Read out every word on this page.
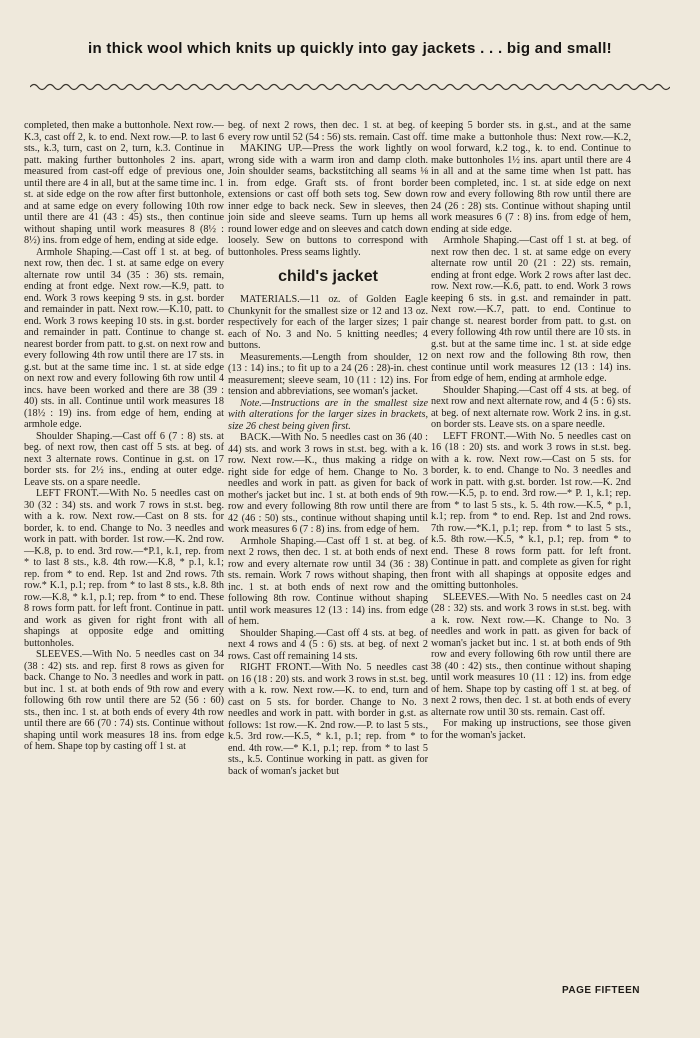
in thick wool which knits up quickly into gay jackets . . . big and small!

completed, then make a buttonhole. Next row.—K.3, cast off 2, k. to end. Next row.—P. to last 6 sts., k.3, turn, cast on 2, turn, k.3. Continue in patt. making further buttonholes 2 ins. apart, measured from cast-off edge of previous one, until there are 4 in all, but at the same time inc. 1 st. at side edge on the row after first buttonhole, and at same edge on every following 10th row until there are 41 (43 : 45) sts., then continue without shaping until work measures 8 (8½ : 8½) ins. from edge of hem, ending at side edge.

Armhole Shaping.—Cast off 1 st. at beg. of next row, then dec. 1 st. at same edge on every alternate row until 34 (35 : 36) sts. remain, ending at front edge. Next row.—K.9, patt. to end. Work 3 rows keeping 9 sts. in g.st. border and remainder in patt. Next row.—K.10, patt. to end. Work 3 rows keeping 10 sts. in g.st. border and remainder in patt. Continue to change st. nearest border from patt. to g.st. on next row and every following 4th row until there are 17 sts. in g.st. but at the same time inc. 1 st. at side edge on next row and every following 6th row until 4 incs. have been worked and there are 38 (39 : 40) sts. in all. Continue until work measures 18 (18½ : 19) ins. from edge of hem, ending at armhole edge.

Shoulder Shaping.—Cast off 6 (7 : 8) sts. at beg. of next row, then cast off 5 sts. at beg. of next 3 alternate rows. Continue in g.st. on 17 border sts. for 2½ ins., ending at outer edge. Leave sts. on a spare needle.

LEFT FRONT.—With No. 5 needles cast on 30 (32 : 34) sts. and work 7 rows in st.st. beg. with a k. row. Next row.—Cast on 8 sts. for border, k. to end. Change to No. 3 needles and work in patt. with border. 1st row.—K. 2nd row.—K.8, p. to end. 3rd row.—*P.1, k.1, rep. from * to last 8 sts., k.8. 4th row.—K.8, * p.1, k.1; rep. from * to end. Rep. 1st and 2nd rows. 7th row.* K.1, p.1; rep. from * to last 8 sts., k.8. 8th row.—K.8, * k.1, p.1; rep. from * to end. These 8 rows form patt. for left front. Continue in patt. and work as given for right front with all shapings at opposite edge and omitting buttonholes.

SLEEVES.—With No. 5 needles cast on 34 (38 : 42) sts. and rep. first 8 rows as given for back. Change to No. 3 needles and work in patt. but inc. 1 st. at both ends of 9th row and every following 6th row until there are 52 (56 : 60) sts., then inc. 1 st. at both ends of every 4th row until there are 66 (70 : 74) sts. Continue without shaping until work measures 18 ins. from edge of hem. Shape top by casting off 1 st. at

beg. of next 2 rows, then dec. 1 st. at beg. of every row until 52 (54 : 56) sts. remain. Cast off.

MAKING UP.—Press the work lightly on wrong side with a warm iron and damp cloth. Join shoulder seams, backstitching all seams ⅛ in. from edge. Graft sts. of front border extensions or cast off both sets tog. Sew down inner edge to back neck. Sew in sleeves, then join side and sleeve seams. Turn up hems all round lower edge and on sleeves and catch down loosely. Sew on buttons to correspond with buttonholes. Press seams lightly.

child's jacket

MATERIALS.—11 oz. of Golden Eagle Chunkynit for the smallest size or 12 and 13 oz. respectively for each of the larger sizes; 1 pair each of No. 3 and No. 5 knitting needles; 4 buttons.

Measurements.—Length from shoulder, 12 (13 : 14) ins.; to fit up to a 24 (26 : 28)-in. chest measurement; sleeve seam, 10 (11 : 12) ins. For tension and abbreviations, see woman's jacket.

Note.—Instructions are in the smallest size with alterations for the larger sizes in brackets, size 26 chest being given first.

BACK.—With No. 5 needles cast on 36 (40 : 44) sts. and work 3 rows in st.st. beg. with a k. row. Next row.—K., thus making a ridge on right side for edge of hem. Change to No. 3 needles and work in patt. as given for back of mother's jacket but inc. 1 st. at both ends of 9th row and every following 8th row until there are 42 (46 : 50) sts., continue without shaping until work measures 6 (7 : 8) ins. from edge of hem.

Armhole Shaping.—Cast off 1 st. at beg. of next 2 rows, then dec. 1 st. at both ends of next row and every alternate row until 34 (36 : 38) sts. remain. Work 7 rows without shaping, then inc. 1 st. at both ends of next row and the following 8th row. Continue without shaping until work measures 12 (13 : 14) ins. from edge of hem.

Shoulder Shaping.—Cast off 4 sts. at beg. of next 4 rows and 4 (5 : 6) sts. at beg. of next 2 rows. Cast off remaining 14 sts.

RIGHT FRONT.—With No. 5 needles cast on 16 (18 : 20) sts. and work 3 rows in st.st. beg. with a k. row. Next row.—K. to end, turn and cast on 5 sts. for border. Change to No. 3 needles and work in patt. with border in g.st. as follows: 1st row.—K. 2nd row.—P. to last 5 sts., k.5. 3rd row.—K.5, * k.1, p.1; rep. from * to end. 4th row.—* K.1, p.1; rep. from * to last 5 sts., k.5. Continue working in patt. as given for back of woman's jacket but

keeping 5 border sts. in g.st., and at the same time make a buttonhole thus: Next row.—K.2, wool forward, k.2 tog., k. to end. Continue to make buttonholes 1½ ins. apart until there are 4 in all and at the same time when 1st patt. has been completed, inc. 1 st. at side edge on next row and every following 8th row until there are 24 (26 : 28) sts. Continue without shaping until work measures 6 (7 : 8) ins. from edge of hem, ending at side edge.

Armhole Shaping.—Cast off 1 st. at beg. of next row then dec. 1 st. at same edge on every alternate row until 20 (21 : 22) sts. remain, ending at front edge. Work 2 rows after last dec. row. Next row.—K.6, patt. to end. Work 3 rows keeping 6 sts. in g.st. and remainder in patt. Next row.—K.7, patt. to end. Continue to change st. nearest border from patt. to g.st. on every following 4th row until there are 10 sts. in g.st. but at the same time inc. 1 st. at side edge on next row and the following 8th row, then continue until work measures 12 (13 : 14) ins. from edge of hem, ending at armhole edge.

Shoulder Shaping.—Cast off 4 sts. at beg. of next row and next alternate row, and 4 (5 : 6) sts. at beg. of next alternate row. Work 2 ins. in g.st. on border sts. Leave sts. on a spare needle.

LEFT FRONT.—With No. 5 needles cast on 16 (18 : 20) sts. and work 3 rows in st.st. beg. with a k. row. Next row.—Cast on 5 sts. for border, k. to end. Change to No. 3 needles and work in patt. with g.st. border. 1st row.—K. 2nd row.—K.5, p. to end. 3rd row.—* P. 1, k.1; rep. from * to last 5 sts., k. 5. 4th row.—K.5, * p.1, k.1; rep. from * to end. Rep. 1st and 2nd rows. 7th row.—*K.1, p.1; rep. from * to last 5 sts., k.5. 8th row.—K.5, * k.1, p.1; rep. from * to end. These 8 rows form patt. for left front. Continue in patt. and complete as given for right front with all shapings at opposite edges and omitting buttonholes.

SLEEVES.—With No. 5 needles cast on 24 (28 : 32) sts. and work 3 rows in st.st. beg. with a k. row. Next row.—K. Change to No. 3 needles and work in patt. as given for back of woman's jacket but inc. 1 st. at both ends of 9th row and every following 6th row until there are 38 (40 : 42) sts., then continue without shaping until work measures 10 (11 : 12) ins. from edge of hem. Shape top by casting off 1 st. at beg. of next 2 rows, then dec. 1 st. at both ends of every alternate row until 30 sts. remain. Cast off.

For making up instructions, see those given for the woman's jacket.

PAGE FIFTEEN
